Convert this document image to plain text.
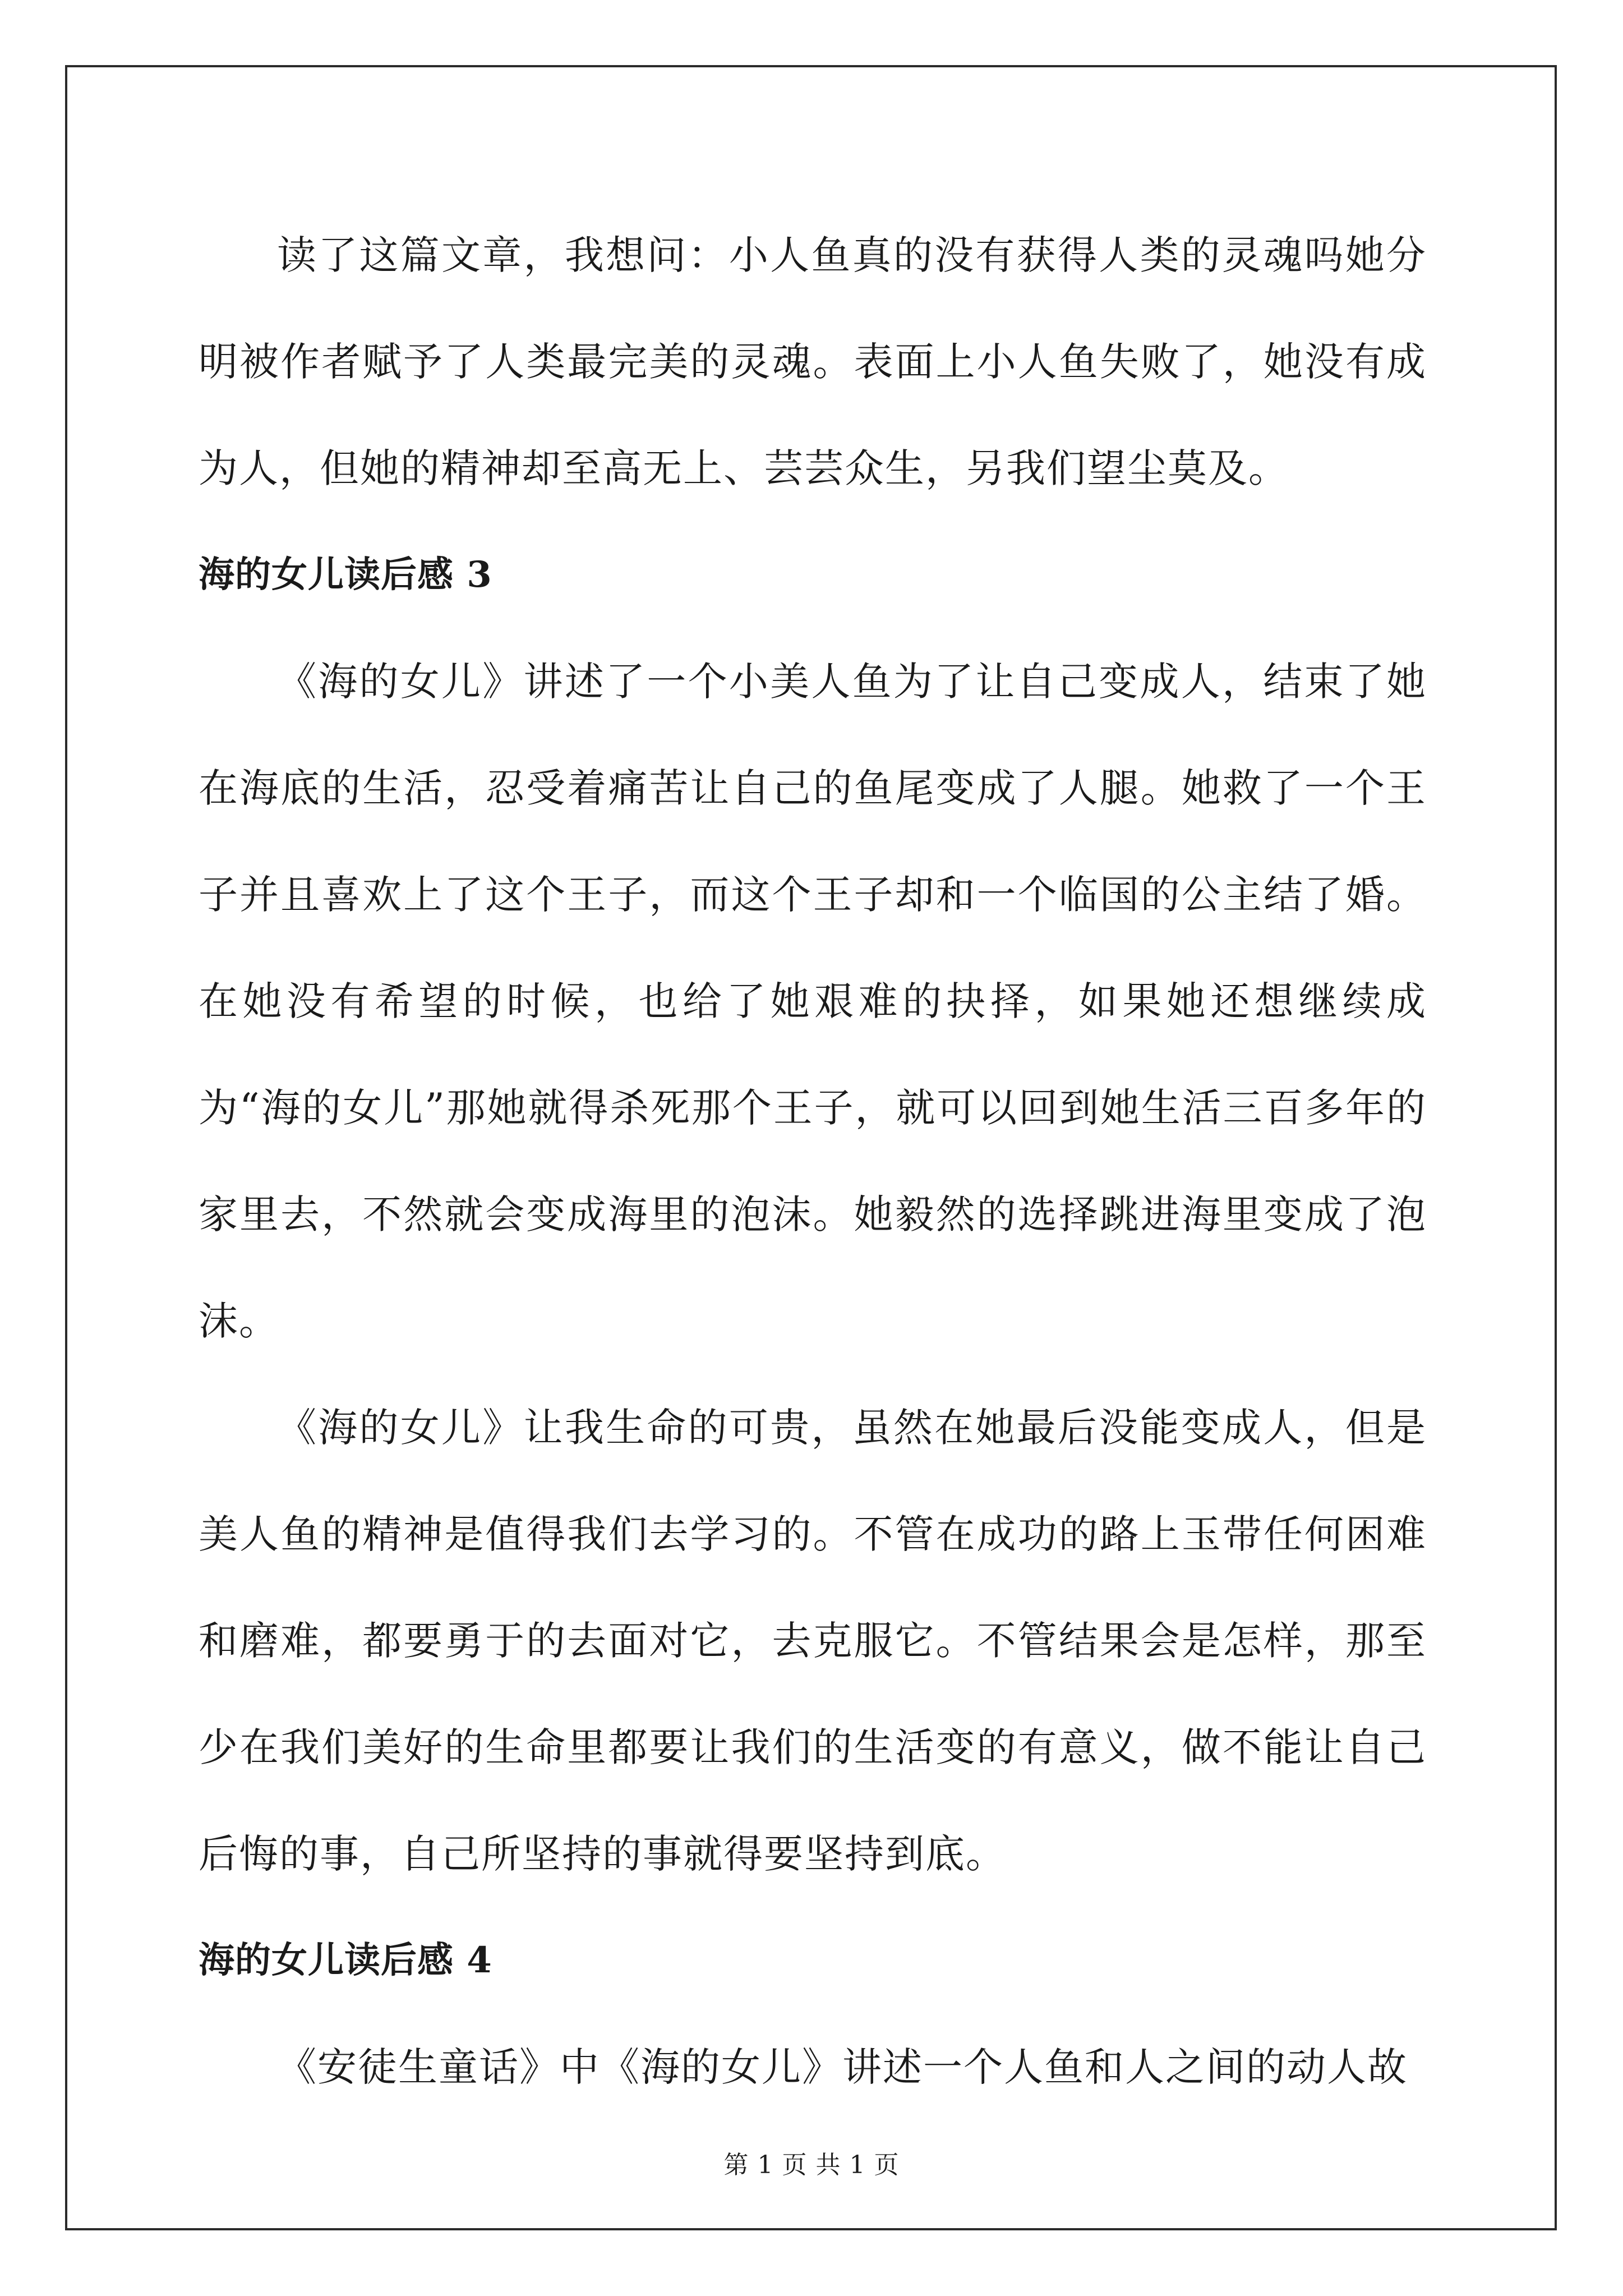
读了这篇文章，我想问：小人鱼真的没有获得人类的灵魂吗她分明被作者赋予了人类最完美的灵魂。表面上小人鱼失败了，她没有成为人，但她的精神却至高无上、芸芸众生，另我们望尘莫及。

海的女儿读后感 3

《海的女儿》讲述了一个小美人鱼为了让自己变成人，结束了她在海底的生活，忍受着痛苦让自己的鱼尾变成了人腿。她救了一个王子并且喜欢上了这个王子，而这个王子却和一个临国的公主结了婚。在她没有希望的时候，也给了她艰难的抉择，如果她还想继续成为“海的女儿”那她就得杀死那个王子，就可以回到她生活三百多年的家里去，不然就会变成海里的泡沫。她毅然的选择跳进海里变成了泡沫。

《海的女儿》让我生命的可贵，虽然在她最后没能变成人，但是美人鱼的精神是值得我们去学习的。不管在成功的路上玉带任何困难和磨难，都要勇于的去面对它，去克服它。不管结果会是怎样，那至少在我们美好的生命里都要让我们的生活变的有意义，做不能让自己后悔的事，自己所坚持的事就得要坚持到底。

海的女儿读后感 4

《安徒生童话》中《海的女儿》讲述一个人鱼和人之间的动人故

第 1 页 共 1 页
